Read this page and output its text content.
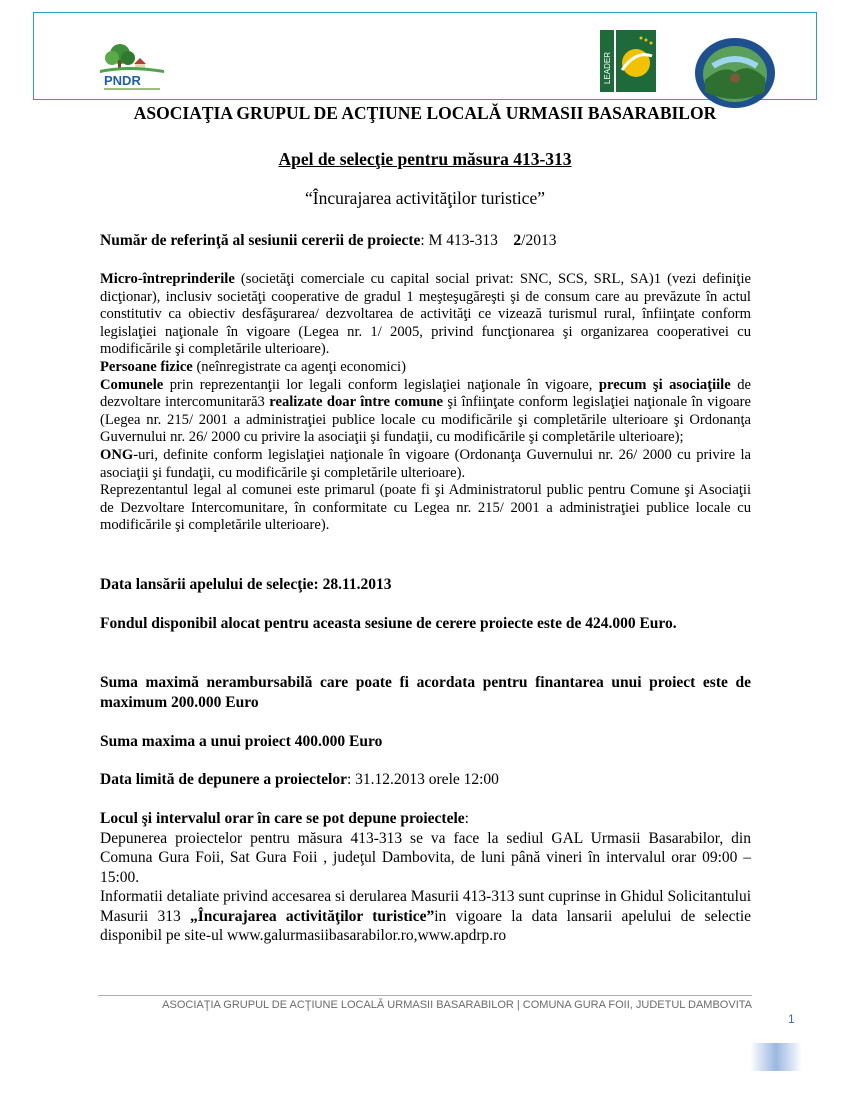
PNDR	LEADER
ASOCIAŢIA GRUPUL DE ACŢIUNE LOCALĂ URMASII BASARABILOR
Apel de selecţie pentru măsura 413-313
“Încurajarea activităţilor turistice”
Număr de referinţă al sesiunii cererii de proiecte: M 413-313 2/2013

Micro-întreprinderile (societăţi comerciale cu capital social privat: SNC, SCS, SRL, SA)1 (vezi definiţie dicţionar), inclusiv societăţi cooperative de gradul 1 meşteşugăreşti şi de consum care au prevăzute în actul constitutiv ca obiectiv desfăşurarea/ dezvoltarea de activităţi ce vizează turismul rural, înfiinţate conform legislaţiei naţionale în vigoare (Legea nr. 1/ 2005, privind funcţionarea şi organizarea cooperativei cu modificările şi completările ulterioare).

Persoane fizice (neînregistrate ca agenţi economici)

Comunele prin reprezentanţii lor legali conform legislaţiei naţionale în vigoare, precum şi asociaţiile de dezvoltare intercomunitară3 realizate doar între comune şi înfiinţate conform legislaţiei naţionale în vigoare (Legea nr. 215/ 2001 a administraţiei publice locale cu modificările şi completările ulterioare şi Ordonanţa Guvernului nr. 26/ 2000 cu privire la asociaţii şi fundaţii, cu modificările şi completările ulterioare);

ONG-uri, definite conform legislaţiei naţionale în vigoare (Ordonanţa Guvernului nr. 26/ 2000 cu privire la asociaţii şi fundaţii, cu modificările şi completările ulterioare).

Reprezentantul legal al comunei este primarul (poate fi şi Administratorul public pentru Comune şi Asociaţii de Dezvoltare Intercomunitare, în conformitate cu Legea nr. 215/ 2001 a administraţiei publice locale cu modificările şi completările ulterioare).

Data lansării apelului de selecţie: 28.11.2013
Fondul disponibil alocat pentru aceasta sesiune de cerere proiecte este de 424.000 Euro.
Suma maximă nerambursabilă care poate fi acordata pentru finantarea unui proiect este de maximum 200.000 Euro
Suma maxima a unui proiect 400.000 Euro
Data limită de depunere a proiectelor: 31.12.2013 orele 12:00

Locul şi intervalul orar în care se pot depune proiectele:

Depunerea proiectelor pentru măsura 413-313 se va face la sediul GAL Urmasii Basarabilor, din Comuna Gura Foii, Sat Gura Foii , judeţul Dambovita, de luni până vineri în intervalul orar 09:00 – 15:00.

Informatii detaliate privind accesarea si derularea Masurii 413-313 sunt cuprinse in Ghidul Solicitantului Masurii 313 „Încurajarea activităţilor turistice”in vigoare la data lansarii apelului de selectie disponibil pe site-ul www.galurmasiibasarabilor.ro,www.apdrp.ro

ASOCIAŢIA GRUPUL DE ACŢIUNE LOCALĂ URMASII BASARABILOR | COMUNA GURA FOII, JUDETUL DAMBOVITA
1
